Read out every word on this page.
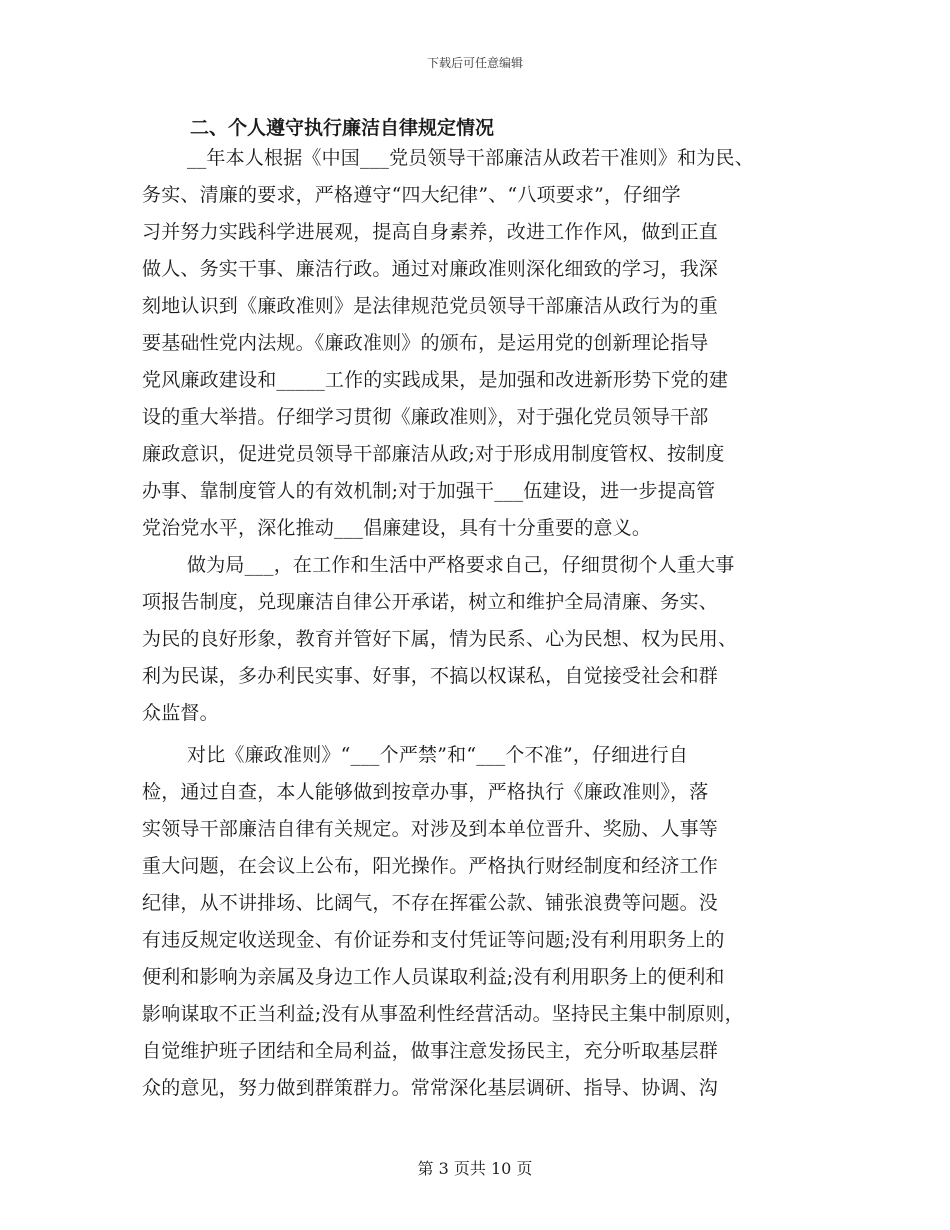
下载后可任意编辑
二、个人遵守执行廉洁自律规定情况
__年本人根据《中国___党员领导干部廉洁从政若干准则》和为民、
务实、清廉的要求，严格遵守“四大纪律”、“八项要求”，仔细学
习并努力实践科学进展观，提高自身素养，改进工作作风，做到正直
做人、务实干事、廉洁行政。通过对廉政准则深化细致的学习，我深
刻地认识到《廉政准则》是法律规范党员领导干部廉洁从政行为的重
要基础性党内法规。《廉政准则》的颁布，是运用党的创新理论指导
党风廉政建设和_____工作的实践成果，是加强和改进新形势下党的建
设的重大举措。仔细学习贯彻《廉政准则》，对于强化党员领导干部
廉政意识，促进党员领导干部廉洁从政;对于形成用制度管权、按制度
办事、靠制度管人的有效机制;对于加强干___伍建设，进一步提高管
党治党水平，深化推动___倡廉建设，具有十分重要的意义。
做为局___，在工作和生活中严格要求自己，仔细贯彻个人重大事
项报告制度，兑现廉洁自律公开承诺，树立和维护全局清廉、务实、
为民的良好形象，教育并管好下属，情为民系、心为民想、权为民用、
利为民谋，多办利民实事、好事，不搞以权谋私，自觉接受社会和群
众监督。
对比《廉政准则》“___个严禁”和“___个不准”，仔细进行自
检，通过自查，本人能够做到按章办事，严格执行《廉政准则》，落
实领导干部廉洁自律有关规定。对涉及到本单位晋升、奖励、人事等
重大问题，在会议上公布，阳光操作。严格执行财经制度和经济工作
纪律，从不讲排场、比阔气，不存在挥霍公款、铺张浪费等问题。没
有违反规定收送现金、有价证券和支付凭证等问题;没有利用职务上的
便利和影响为亲属及身边工作人员谋取利益;没有利用职务上的便利和
影响谋取不正当利益;没有从事盈利性经营活动。坚持民主集中制原则，
自觉维护班子团结和全局利益，做事注意发扬民主，充分听取基层群
众的意见，努力做到群策群力。常常深化基层调研、指导、协调、沟
第 3 页共 10 页
